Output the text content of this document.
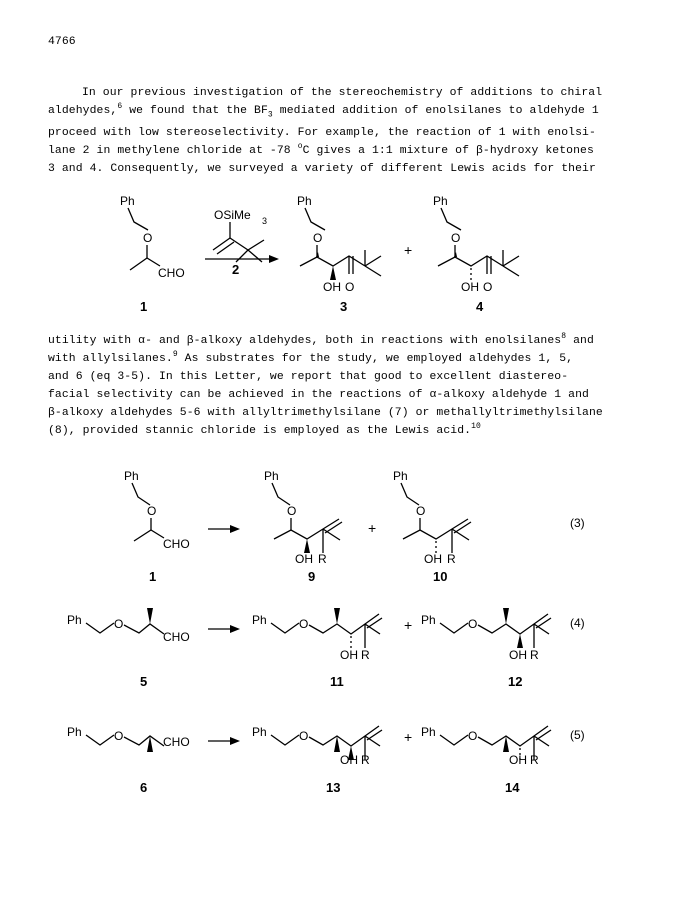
4766

In our previous investigation of the stereochemistry of additions to chiral

aldehydes,$^6$ we found that the $BF_3$ mediated addition of enolsilanes to aldehyde 1

proceed with low stereoselectivity. For example, the reaction of 1 with enolsi-

lane 2 in methylene chloride at -78 $^o$C gives a 1:1 mixture of β-hydroxy ketones

3 and 4. Consequently, we surveyed a variety of different Lewis acids for their

Ph
O
CHO
1
OSiMe 3
2
Ph
O
OH O
3
+
Ph
O
OH O
4

utility with α- and β-alkoxy aldehydes, both in reactions with enolsilanes$^8$ and

with allylsilanes.$^9$ As substrates for the study, we employed aldehydes 1, 5,

and 6 (eq 3-5). In this Letter, we report that good to excellent diastereo-

facial selectivity can be achieved in the reactions of α-alkoxy aldehyde 1 and

β-alkoxy aldehydes 5-6 with allyltrimethylsilane (7) or methallyltrimethylsilane

(8), provided stannic chloride is employed as the Lewis acid.$^{10}$

Ph
O
CHO
1
Ph
O
OH R
9
+
Ph
O
OH R
10
(3)
Ph	O
CHO
5
Ph	O
OH R
11
+ Ph	O
OH R
12
(4)
Ph	O	CHO
6
Ph	O
OH R
13
+ Ph	O
OH R
14
(5)
